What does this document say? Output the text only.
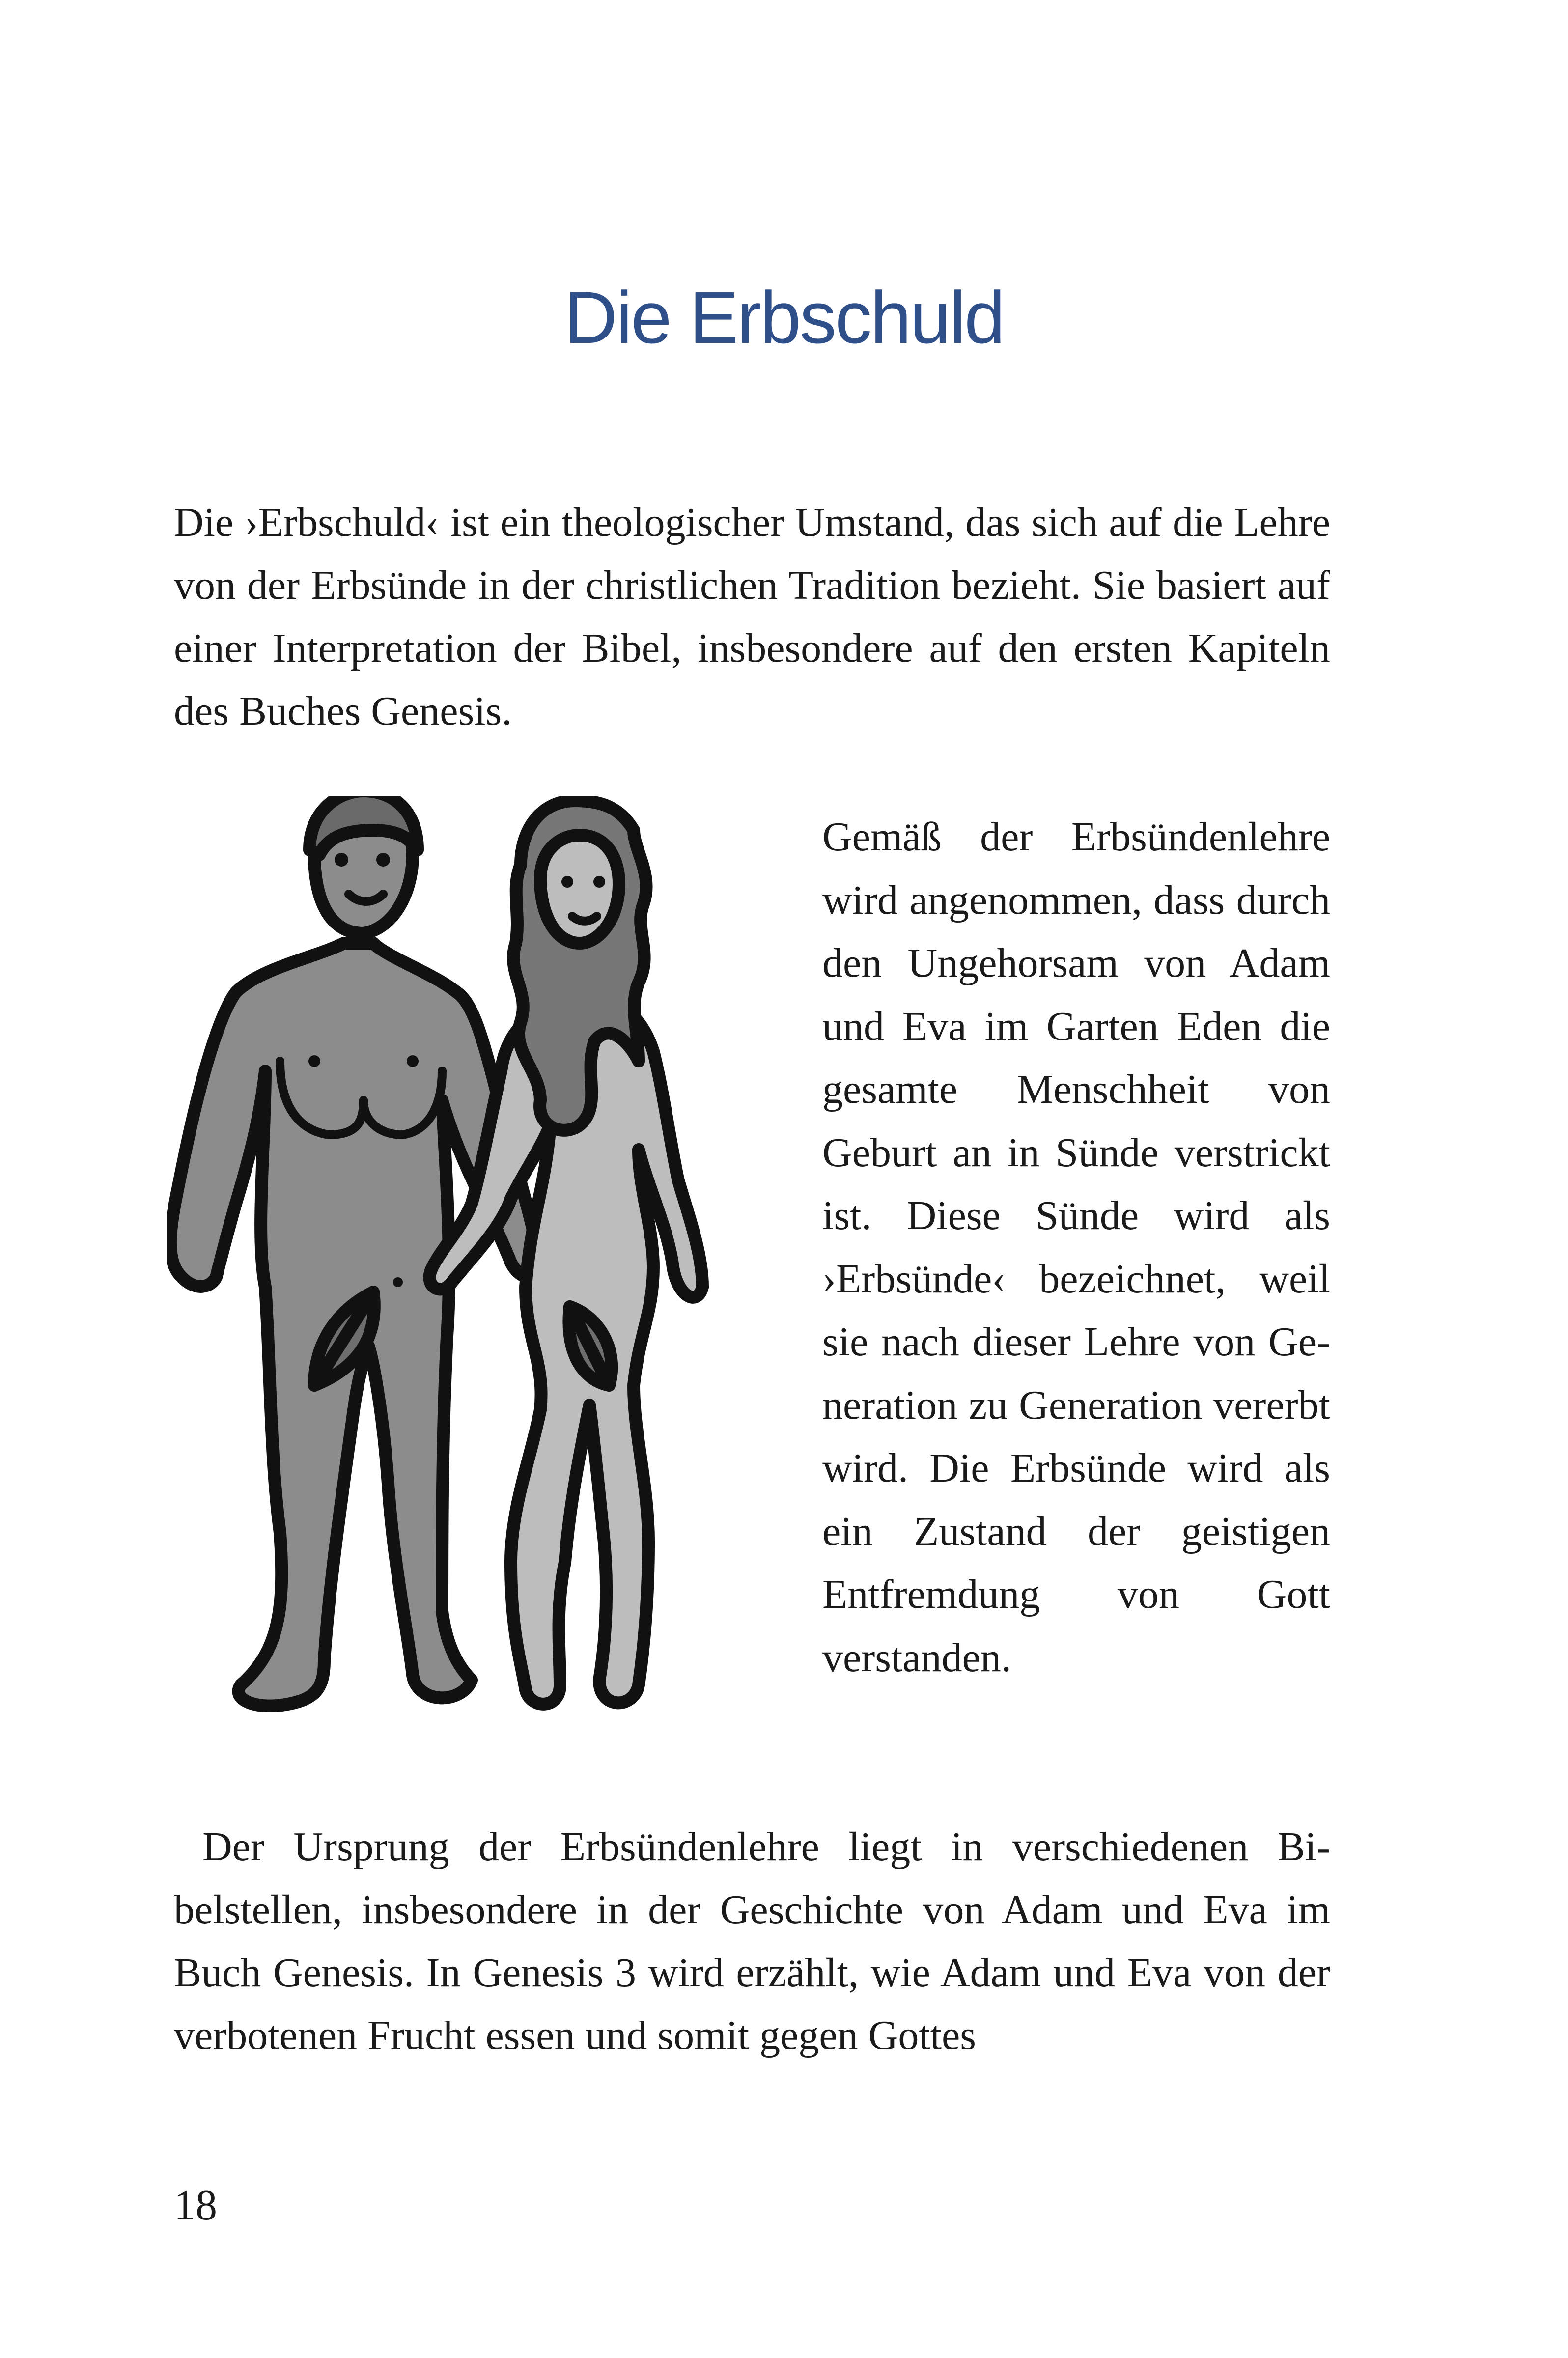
Die Erbschuld

Die ›Erbschuld‹ ist ein theologischer Umstand, das sich auf die Lehre von der Erbsünde in der christlichen Tradition bezieht. Sie basiert auf einer Interpretation der Bibel, insbesondere auf den ersten Kapiteln des Buches Genesis.

Gemäß der Erbsündenlehre wird angenommen, dass durch den Ungehorsam von Adam und Eva im Garten Eden die gesamte Menschheit von Geburt an in Sünde verstrickt ist. Diese Sünde wird als ›Erbsünde‹ bezeichnet, weil sie nach dieser Lehre von Generation zu Generation vererbt wird. Die Erbsünde wird als ein Zustand der geistigen Entfremdung von Gott verstanden.

Der Ursprung der Erbsündenlehre liegt in verschiedenen Bibelstellen, insbesondere in der Geschichte von Adam und Eva im Buch Genesis. In Genesis 3 wird erzählt, wie Adam und Eva von der verbotenen Frucht essen und somit gegen Gottes

18
